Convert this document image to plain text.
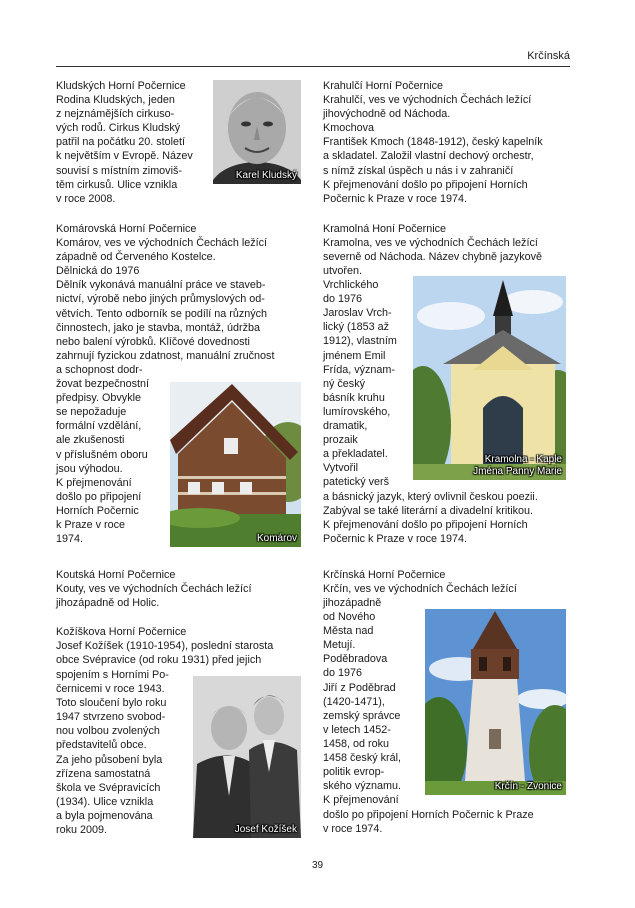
Krčínská

Kludských Horní Počernice

Rodina Kludských, jeden

z nejznámějších cirkuso-

vých rodů. Cirkus Kludský

patřil na počátku 20. století

k největším v Evropě. Název

souvisí s místním zimoviš-

těm cirkusů. Ulice vznikla

v roce 2008.

Komárovská Horní Počernice

Komárov, ves ve východních Čechách ležící

západně od Červeného Kostelce.

Dělnická do 1976

Dělník vykonává manuální práce ve staveb-

nictví, výrobě nebo jiných průmyslových od-

větvích. Tento odborník se podílí na různých

činnostech, jako je stavba, montáž, údržba

nebo balení výrobků. Klíčové dovednosti

zahrnují fyzickou zdatnost, manuální zručnost

a schopnost dodr-

žovat bezpečnostní

předpisy. Obvykle

se nepožaduje

formální vzdělání,

ale zkušenosti

v příslušném oboru

jsou výhodou.

K přejmenování

došlo po připojení

Horních Počernic

k Praze v roce

1974.

Koutská Horní Počernice

Kouty, ves ve východních Čechách ležící

jihozápadně od Holic.

Kožíškova Horní Počernice

Josef Kožíšek (1910-1954), poslední starosta

obce Svépravice (od roku 1931) před jejich

spojením s Horními Po-

černicemi v roce 1943.

Toto sloučení bylo roku

1947 stvrzeno svobod-

nou volbou zvolených

představitelů obce.

Za jeho působení byla

zřízena samostatná

škola ve Svépravicích

(1934). Ulice vznikla

a byla pojmenována

roku 2009.

Krahulčí Horní Počernice

Krahulčí, ves ve východních Čechách ležící

jihovýchodně od Náchoda.

Kmochova

František Kmoch (1848-1912), český kapelník

a skladatel. Založil vlastní dechový orchestr,

s nímž získal úspěch u nás i v zahraničí

K přejmenování došlo po připojení Horních

Počernic k Praze v roce 1974.

Kramolná Honí Počernice

Kramolna, ves ve východních Čechách ležící

severně od Náchoda. Název chybně jazykově

utvořen.

Vrchlického

do 1976

Jaroslav Vrch-

lický (1853 až

1912), vlastním

jménem Emil

Frída, význam-

ný český

básník kruhu

lumírovského,

dramatik,

prozaik

a překladatel.

Vytvořil

patetický verš

a básnický jazyk, který ovlivnil českou poezii.

Zabýval se také literární a divadelní kritikou.

K přejmenování došlo po připojení Horních

Počernic k Praze v roce 1974.

Krčínská Horní Počernice

Krčín, ves ve východních Čechách ležící

jihozápadně

od Nového

Města nad

Metují.

Poděbradova

do 1976

Jiří z Poděbrad

(1420-1471),

zemský správce

v letech 1452-

1458, od roku

1458 český král,

politik evrop-

ského významu.

K přejmenování

došlo po připojení Horních Počernic k Praze

v roce 1974.

Karel Kludský
Komárov
Josef Kožíšek
Kramolna - Kaple
Jména Panny Marie
Krčín - Zvonice
39
